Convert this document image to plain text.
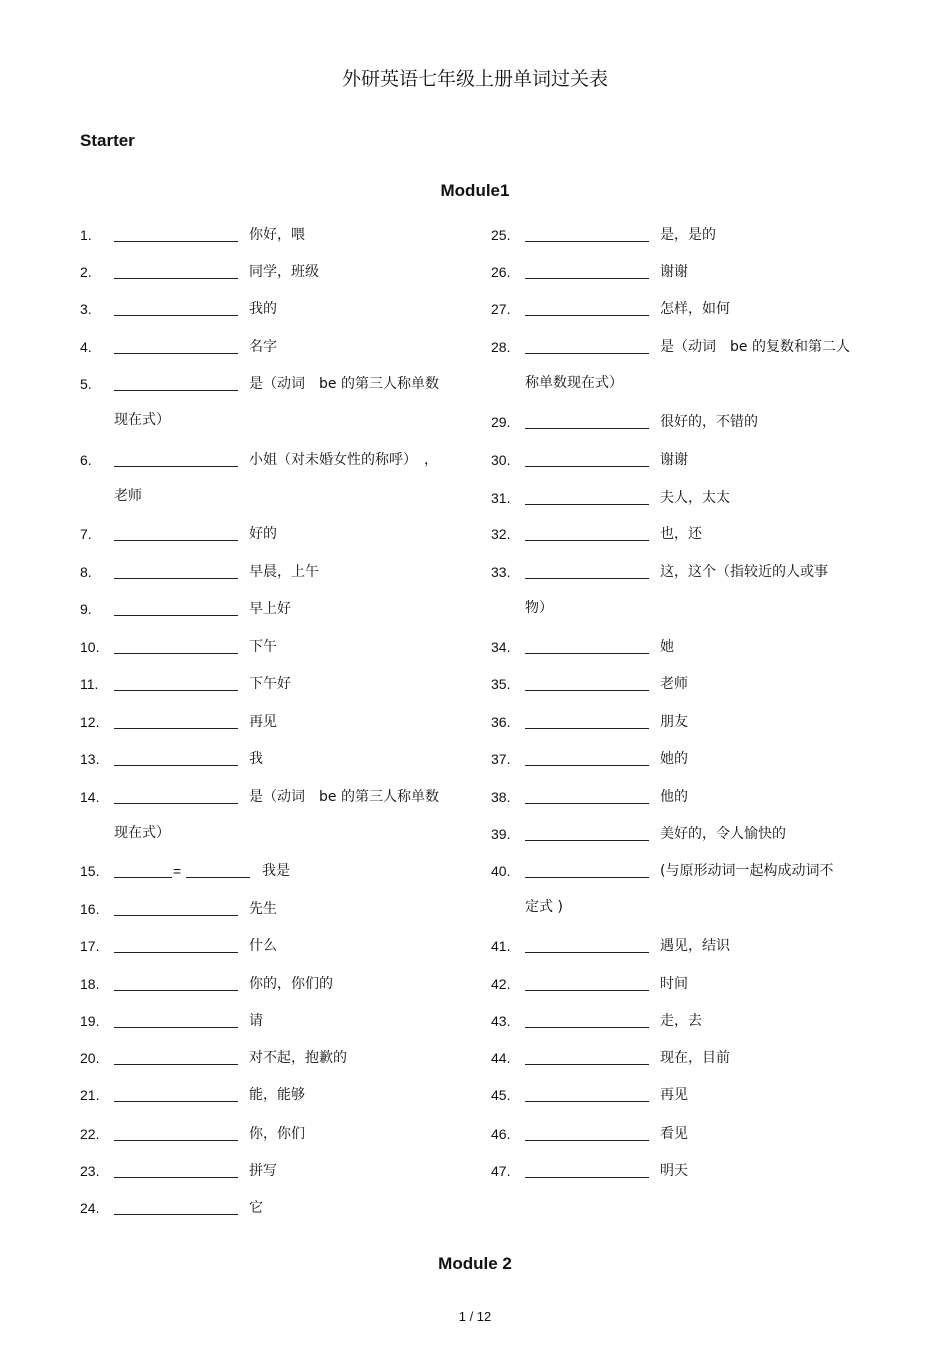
外研英语七年级上册单词过关表
Starter
Module1
1.	你好，喂
2.	同学，班级
3.	我的
4.	名字
5.	是（动词　be 的第三人称单数
现在式）
6.	小姐（对未婚女性的称呼）　，
老师
7.	好的
8.	早晨，上午
9.	早上好
10.	下午
11.	下午好
12.	再见
13.	我
14.	是（动词　be 的第三人称单数
现在式）
15.	=	我是
16.	先生
17.	什么
18.	你的，你们的
19.	请
20.	对不起，抱歉的
21.	能，能够
22.	你，你们
23.	拼写
24.	它
25.	是，是的
26.	谢谢
27.	怎样，如何
28.	是（动词　be 的复数和第二人
称单数现在式）
29.	很好的，不错的
30.	谢谢
31.	夫人，太太
32.	也，还
33.	这，这个（指较近的人或事
物）
34.	她
35.	老师
36.	朋友
37.	她的
38.	他的
39.	美好的，令人愉快的
40.	(与原形动词一起构成动词不
定式 )
41.	遇见，结识
42.	时间
43.	走，去
44.	现在，目前
45.	再见
46.	看见
47.	明天
Module 2
1 / 12
